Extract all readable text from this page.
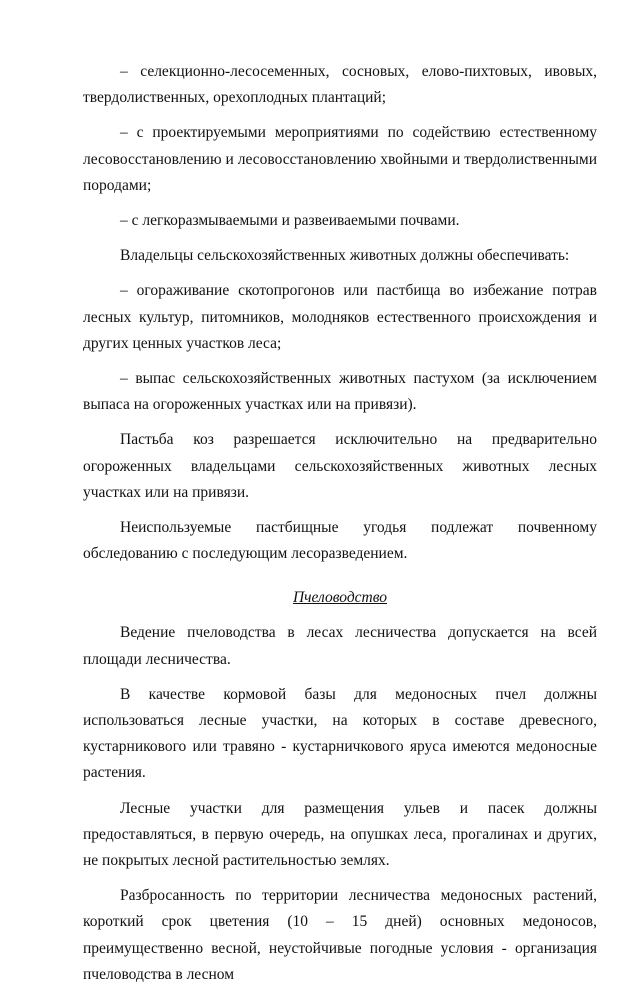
– селекционно-лесосеменных, сосновых, елово-пихтовых, ивовых, твердолиственных, орехоплодных плантаций;

– с проектируемыми мероприятиями по содействию естественному лесовосстановлению и лесовосстановлению хвойными и твердолиственными породами;

– с легкоразмываемыми и развеиваемыми почвами.

Владельцы сельскохозяйственных животных должны обеспечивать:

– огораживание скотопрогонов или пастбища во избежание потрав лесных культур, питомников, молодняков естественного происхождения и других ценных участков леса;

– выпас сельскохозяйственных животных пастухом (за исключением выпаса на огороженных участках или на привязи).

Пастьба коз разрешается исключительно на предварительно огороженных владельцами сельскохозяйственных животных лесных участках или на привязи.

Неиспользуемые пастбищные угодья подлежат почвенному обследованию с последующим лесоразведением.

Пчеловодство

Ведение пчеловодства в лесах лесничества допускается на всей площади лесничества.

В качестве кормовой базы для медоносных пчел должны использоваться лесные участки, на которых в составе древесного, кустарникового или травяно - кустарничкового яруса имеются медоносные растения.

Лесные участки для размещения ульев и пасек должны предоставляться, в первую очередь, на опушках леса, прогалинах и других, не покрытых лесной растительностью землях.

Разбросанность по территории лесничества медоносных растений, короткий срок цветения (10 – 15 дней) основных медоносов, преимущественно весной, неустойчивые погодные условия - организация пчеловодства в лесном
